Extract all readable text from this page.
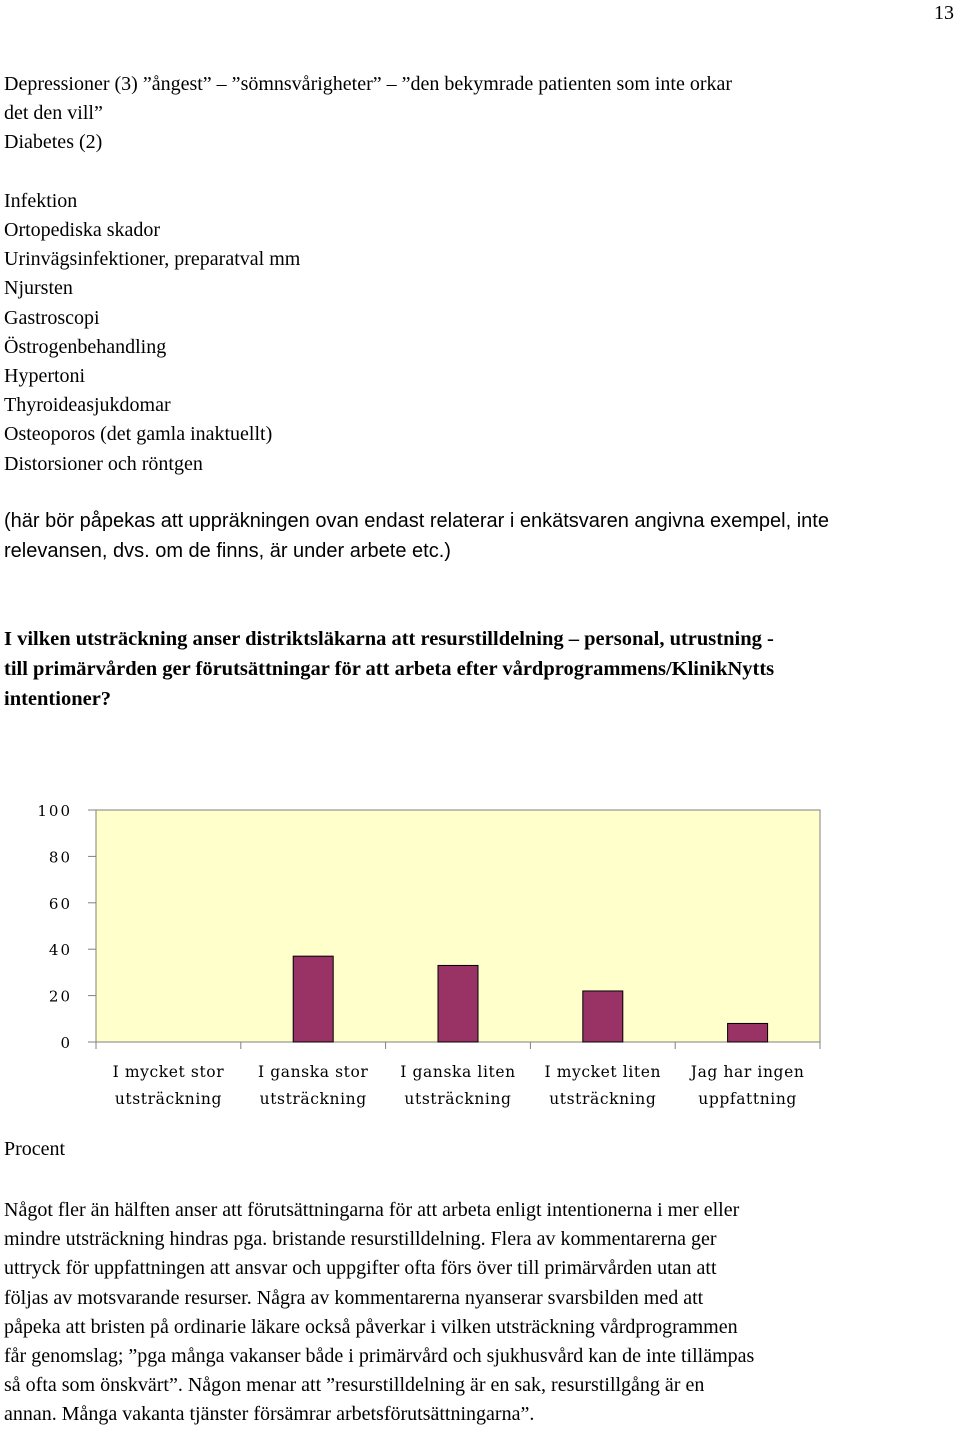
13
Depressioner (3) ”ångest” – ”sömnsvårigheter” – ”den bekymrade patienten som inte orkar
det den vill”
Diabetes (2)
Infektion
Ortopediska skador
Urinvägsinfektioner, preparatval mm
Njursten
Gastroscopi
Östrogenbehandling
Hypertoni
Thyroideasjukdomar
Osteoporos (det gamla inaktuellt)
Distorsioner och röntgen
(här bör påpekas att uppräkningen ovan endast relaterar i enkätsvaren angivna exempel, inte
relevansen, dvs. om de finns, är under arbete etc.)
I vilken utsträckning anser distriktsläkarna att resurstilldelning – personal, utrustning -
till primärvården ger förutsättningar för att arbeta efter vårdprogrammens/KlinikNytts
intentioner?
0
20
40
60
80
100
I mycket stor
utsträckning
I ganska stor
utsträckning
I ganska liten
utsträckning
I mycket liten
utsträckning
Jag har ingen
uppfattning
Procent
Något fler än hälften anser att förutsättningarna för att arbeta enligt intentionerna i mer eller
mindre utsträckning hindras pga. bristande resurstilldelning. Flera av kommentarerna ger
uttryck för uppfattningen att ansvar och uppgifter ofta förs över till primärvården utan att
följas av motsvarande resurser. Några av kommentarerna nyanserar svarsbilden med att
påpeka att bristen på ordinarie läkare också påverkar i vilken utsträckning vårdprogrammen
får genomslag; ”pga många vakanser både i primärvård och sjukhusvård kan de inte tillämpas
så ofta som önskvärt”. Någon menar att ”resurstilldelning är en sak, resurstillgång är en
annan. Många vakanta tjänster försämrar arbetsförutsättningarna”.
